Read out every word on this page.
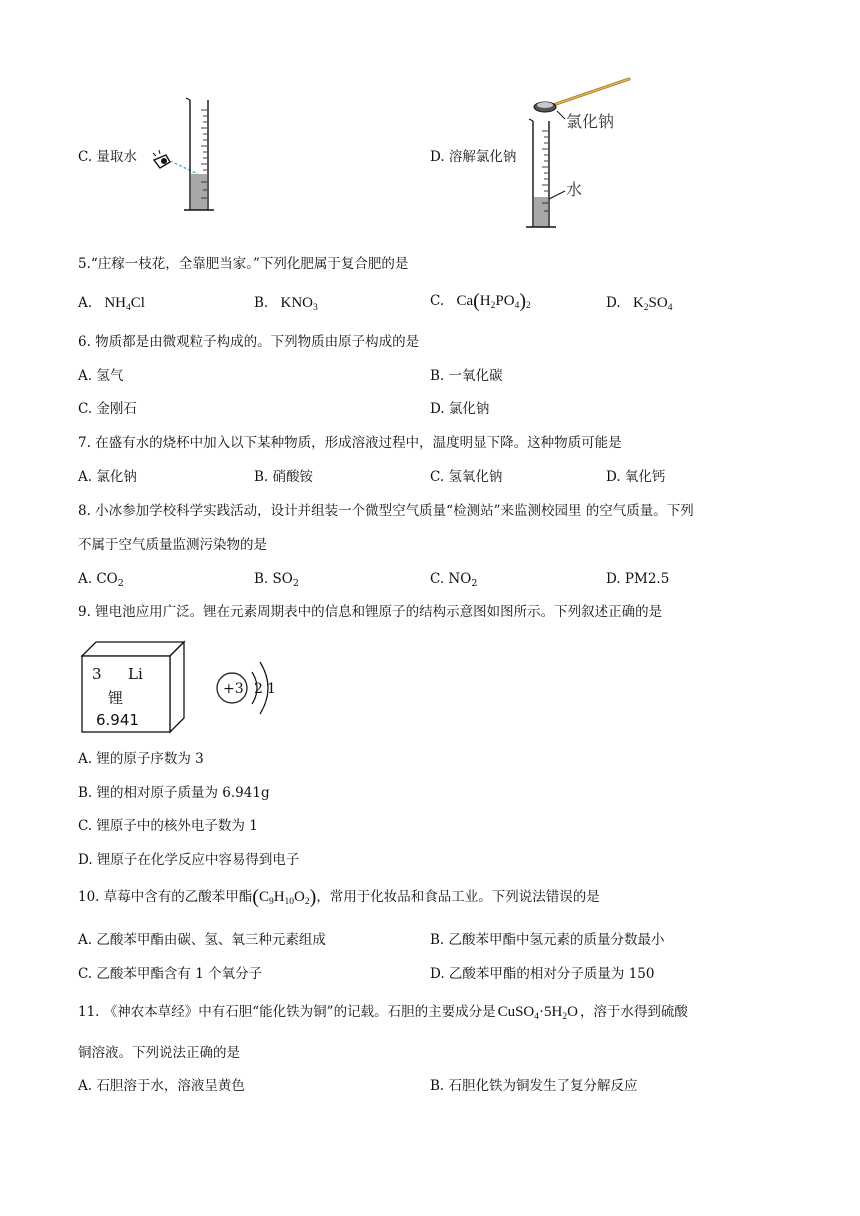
C. 量取水	D. 溶解氯化钠
氯化钠
水
5.“庄稼一枝花，全靠肥当家。”下列化肥属于复合肥的是
A. $NH_4Cl$	B. $KNO_3$	C. $Ca(H_2PO_4)_2$	D. $K_2SO_4$
6. 物质都是由微观粒子构成的。下列物质由原子构成的是
A. 氢气	B. 一氧化碳
C. 金刚石	D. 氯化钠
7. 在盛有水的烧杯中加入以下某种物质，形成溶液过程中，温度明显下降。这种物质可能是
A. 氯化钠	B. 硝酸铵	C. 氢氧化钠	D. 氧化钙
8. 小冰参加学校科学实践活动，设计并组装一个微型空气质量“检测站”来监测校园里 的空气质量。下列
不属于空气质量监测污染物的是
A. $CO_2$	B. $SO_2$	C. $NO_2$	D. PM2.5
9. 锂电池应用广泛。锂在元素周期表中的信息和锂原子的结构示意图如图所示。下列叙述正确的是
3 Li
锂
6.941
+3 2 1
A. 锂的原子序数为 3
B. 锂的相对原子质量为 6.941g
C. 锂原子中的核外电子数为 1
D. 锂原子在化学反应中容易得到电子
10. 草莓中含有的乙酸苯甲酯$(C_9H_{10}O_2)$，常用于化妆品和食品工业。下列说法错误的是
A. 乙酸苯甲酯由碳、氢、氧三种元素组成	B. 乙酸苯甲酯中氢元素的质量分数最小
C. 乙酸苯甲酯含有 1 个氧分子	D. 乙酸苯甲酯的相对分子质量为 150
11. 《神农本草经》中有石胆“能化铁为铜”的记载。石胆的主要成分是 $CuSO_4\cdot 5H_2O$ ，溶于水得到硫酸
铜溶液。下列说法正确的是
A. 石胆溶于水，溶液呈黄色	B. 石胆化铁为铜发生了复分解反应
